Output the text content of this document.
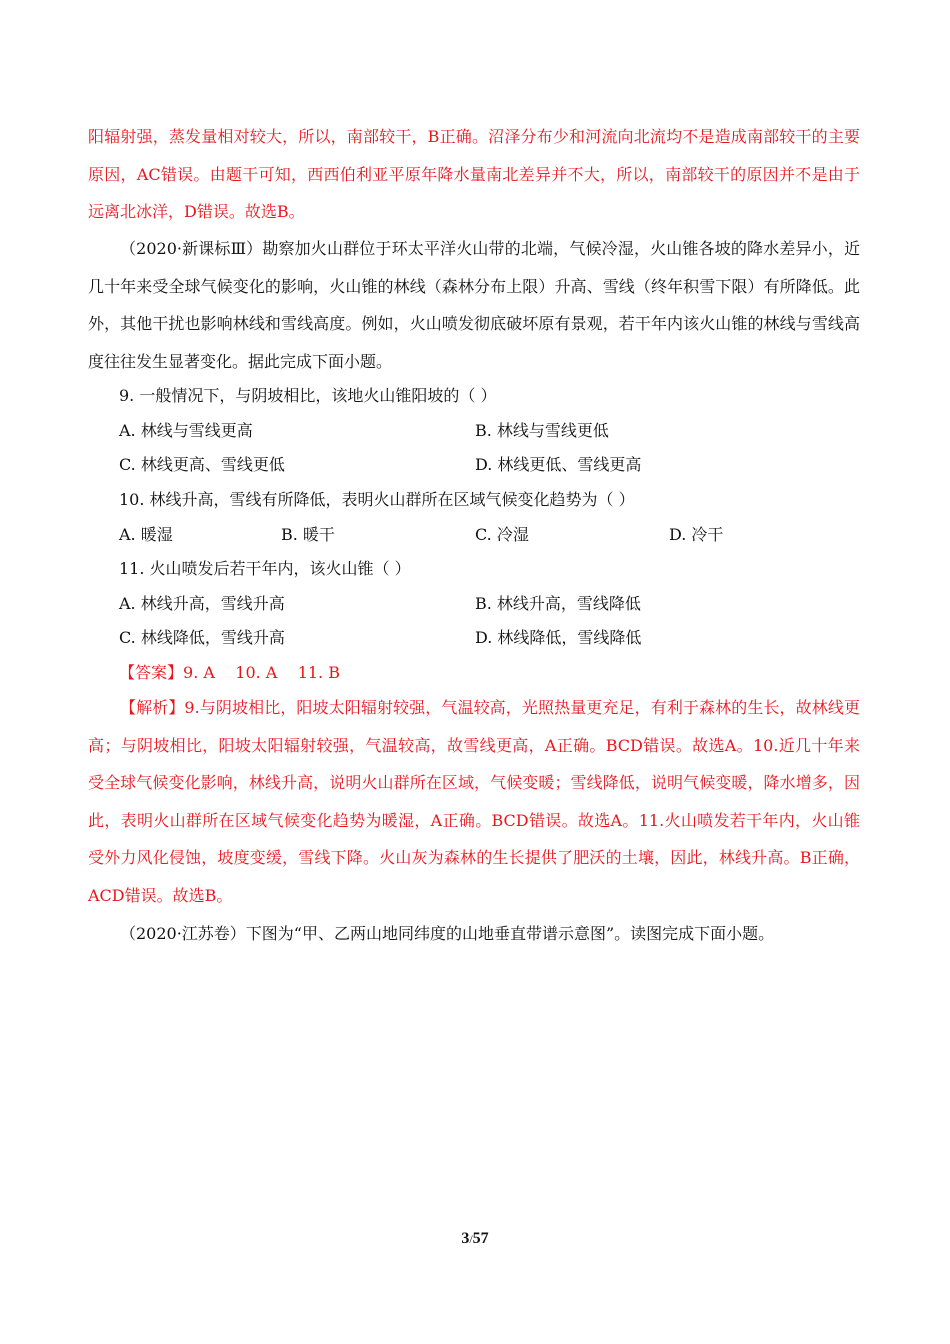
阳辐射强，蒸发量相对较大，所以，南部较干，B正确。沼泽分布少和河流向北流均不是造成南部较干的主要原因，AC错误。由题干可知，西西伯利亚平原年降水量南北差异并不大，所以，南部较干的原因并不是由于远离北冰洋，D错误。故选B。

（2020·新课标Ⅲ）勘察加火山群位于环太平洋火山带的北端，气候冷湿，火山锥各坡的降水差异小，近几十年来受全球气候变化的影响，火山锥的林线（森林分布上限）升高、雪线（终年积雪下限）有所降低。此外，其他干扰也影响林线和雪线高度。例如，火山喷发彻底破坏原有景观，若干年内该火山锥的林线与雪线高度往往发生显著变化。据此完成下面小题。

9. 一般情况下，与阴坡相比，该地火山锥阳坡的（ ）
A. 林线与雪线更高	B. 林线与雪线更低
C. 林线更高、雪线更低	D. 林线更低、雪线更高
10. 林线升高，雪线有所降低，表明火山群所在区域气候变化趋势为（ ）
A. 暖湿	B. 暖干	C. 冷湿	D. 冷干
11. 火山喷发后若干年内，该火山锥（ ）
A. 林线升高，雪线升高	B. 林线升高，雪线降低
C. 林线降低，雪线升高	D. 林线降低，雪线降低
【答案】9. A    10. A    11. B

【解析】9.与阴坡相比，阳坡太阳辐射较强，气温较高，光照热量更充足，有利于森林的生长，故林线更高；与阴坡相比，阳坡太阳辐射较强，气温较高，故雪线更高，A正确。BCD错误。故选A。10.近几十年来受全球气候变化影响，林线升高，说明火山群所在区域，气候变暖；雪线降低，说明气候变暖，降水增多，因此，表明火山群所在区域气候变化趋势为暖湿，A正确。BCD错误。故选A。11.火山喷发若干年内，火山锥受外力风化侵蚀，坡度变缓，雪线下降。火山灰为森林的生长提供了肥沃的土壤，因此，林线升高。B正确，ACD错误。故选B。

（2020·江苏卷）下图为“甲、乙两山地同纬度的山地垂直带谱示意图”。读图完成下面小题。

3/57
